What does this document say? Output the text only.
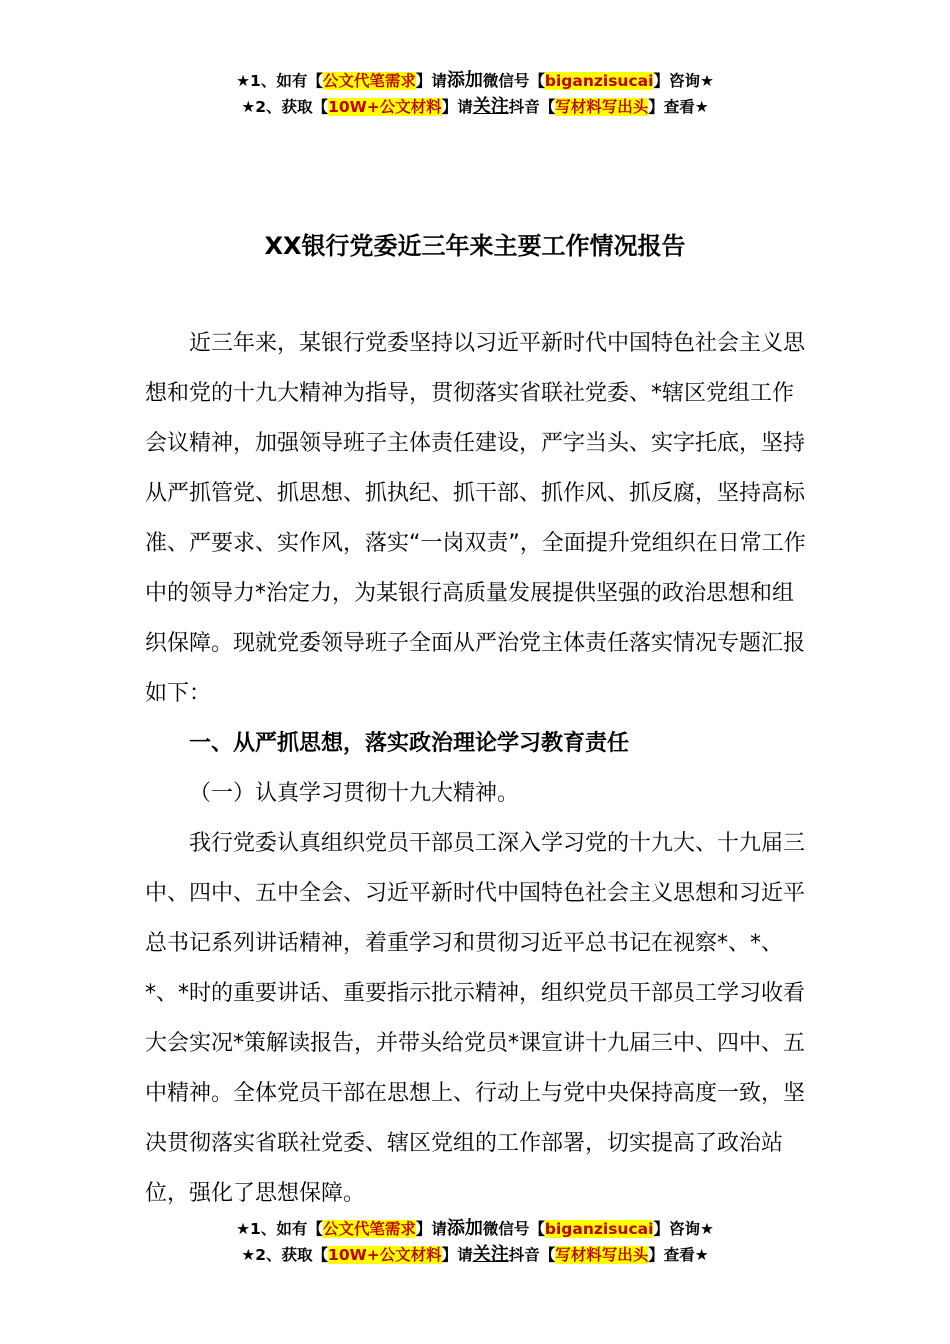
★1、如有【公文代笔需求】请添加微信号【biganzisucai】咨询★
★2、获取【10W+公文材料】请关注抖音【写材料写出头】查看★
XX银行党委近三年来主要工作情况报告

近三年来，某银行党委坚持以习近平新时代中国特色社会主义思想和党的十九大精神为指导，贯彻落实省联社党委、*辖区党组工作会议精神，加强领导班子主体责任建设，严字当头、实字托底，坚持从严抓管党、抓思想、抓执纪、抓干部、抓作风、抓反腐，坚持高标准、严要求、实作风，落实“一岗双责”，全面提升党组织在日常工作中的领导力*治定力，为某银行高质量发展提供坚强的政治思想和组织保障。现就党委领导班子全面从严治党主体责任落实情况专题汇报如下：

一、从严抓思想，落实政治理论学习教育责任

（一）认真学习贯彻十九大精神。

我行党委认真组织党员干部员工深入学习党的十九大、十九届三中、四中、五中全会、习近平新时代中国特色社会主义思想和习近平总书记系列讲话精神，着重学习和贯彻习近平总书记在视察*、*、*、*时的重要讲话、重要指示批示精神，组织党员干部员工学习收看大会实况*策解读报告，并带头给党员*课宣讲十九届三中、四中、五中精神。全体党员干部在思想上、行动上与党中央保持高度一致，坚决贯彻落实省联社党委、辖区党组的工作部署，切实提高了政治站位，强化了思想保障。

★1、如有【公文代笔需求】请添加微信号【biganzisucai】咨询★
★2、获取【10W+公文材料】请关注抖音【写材料写出头】查看★
